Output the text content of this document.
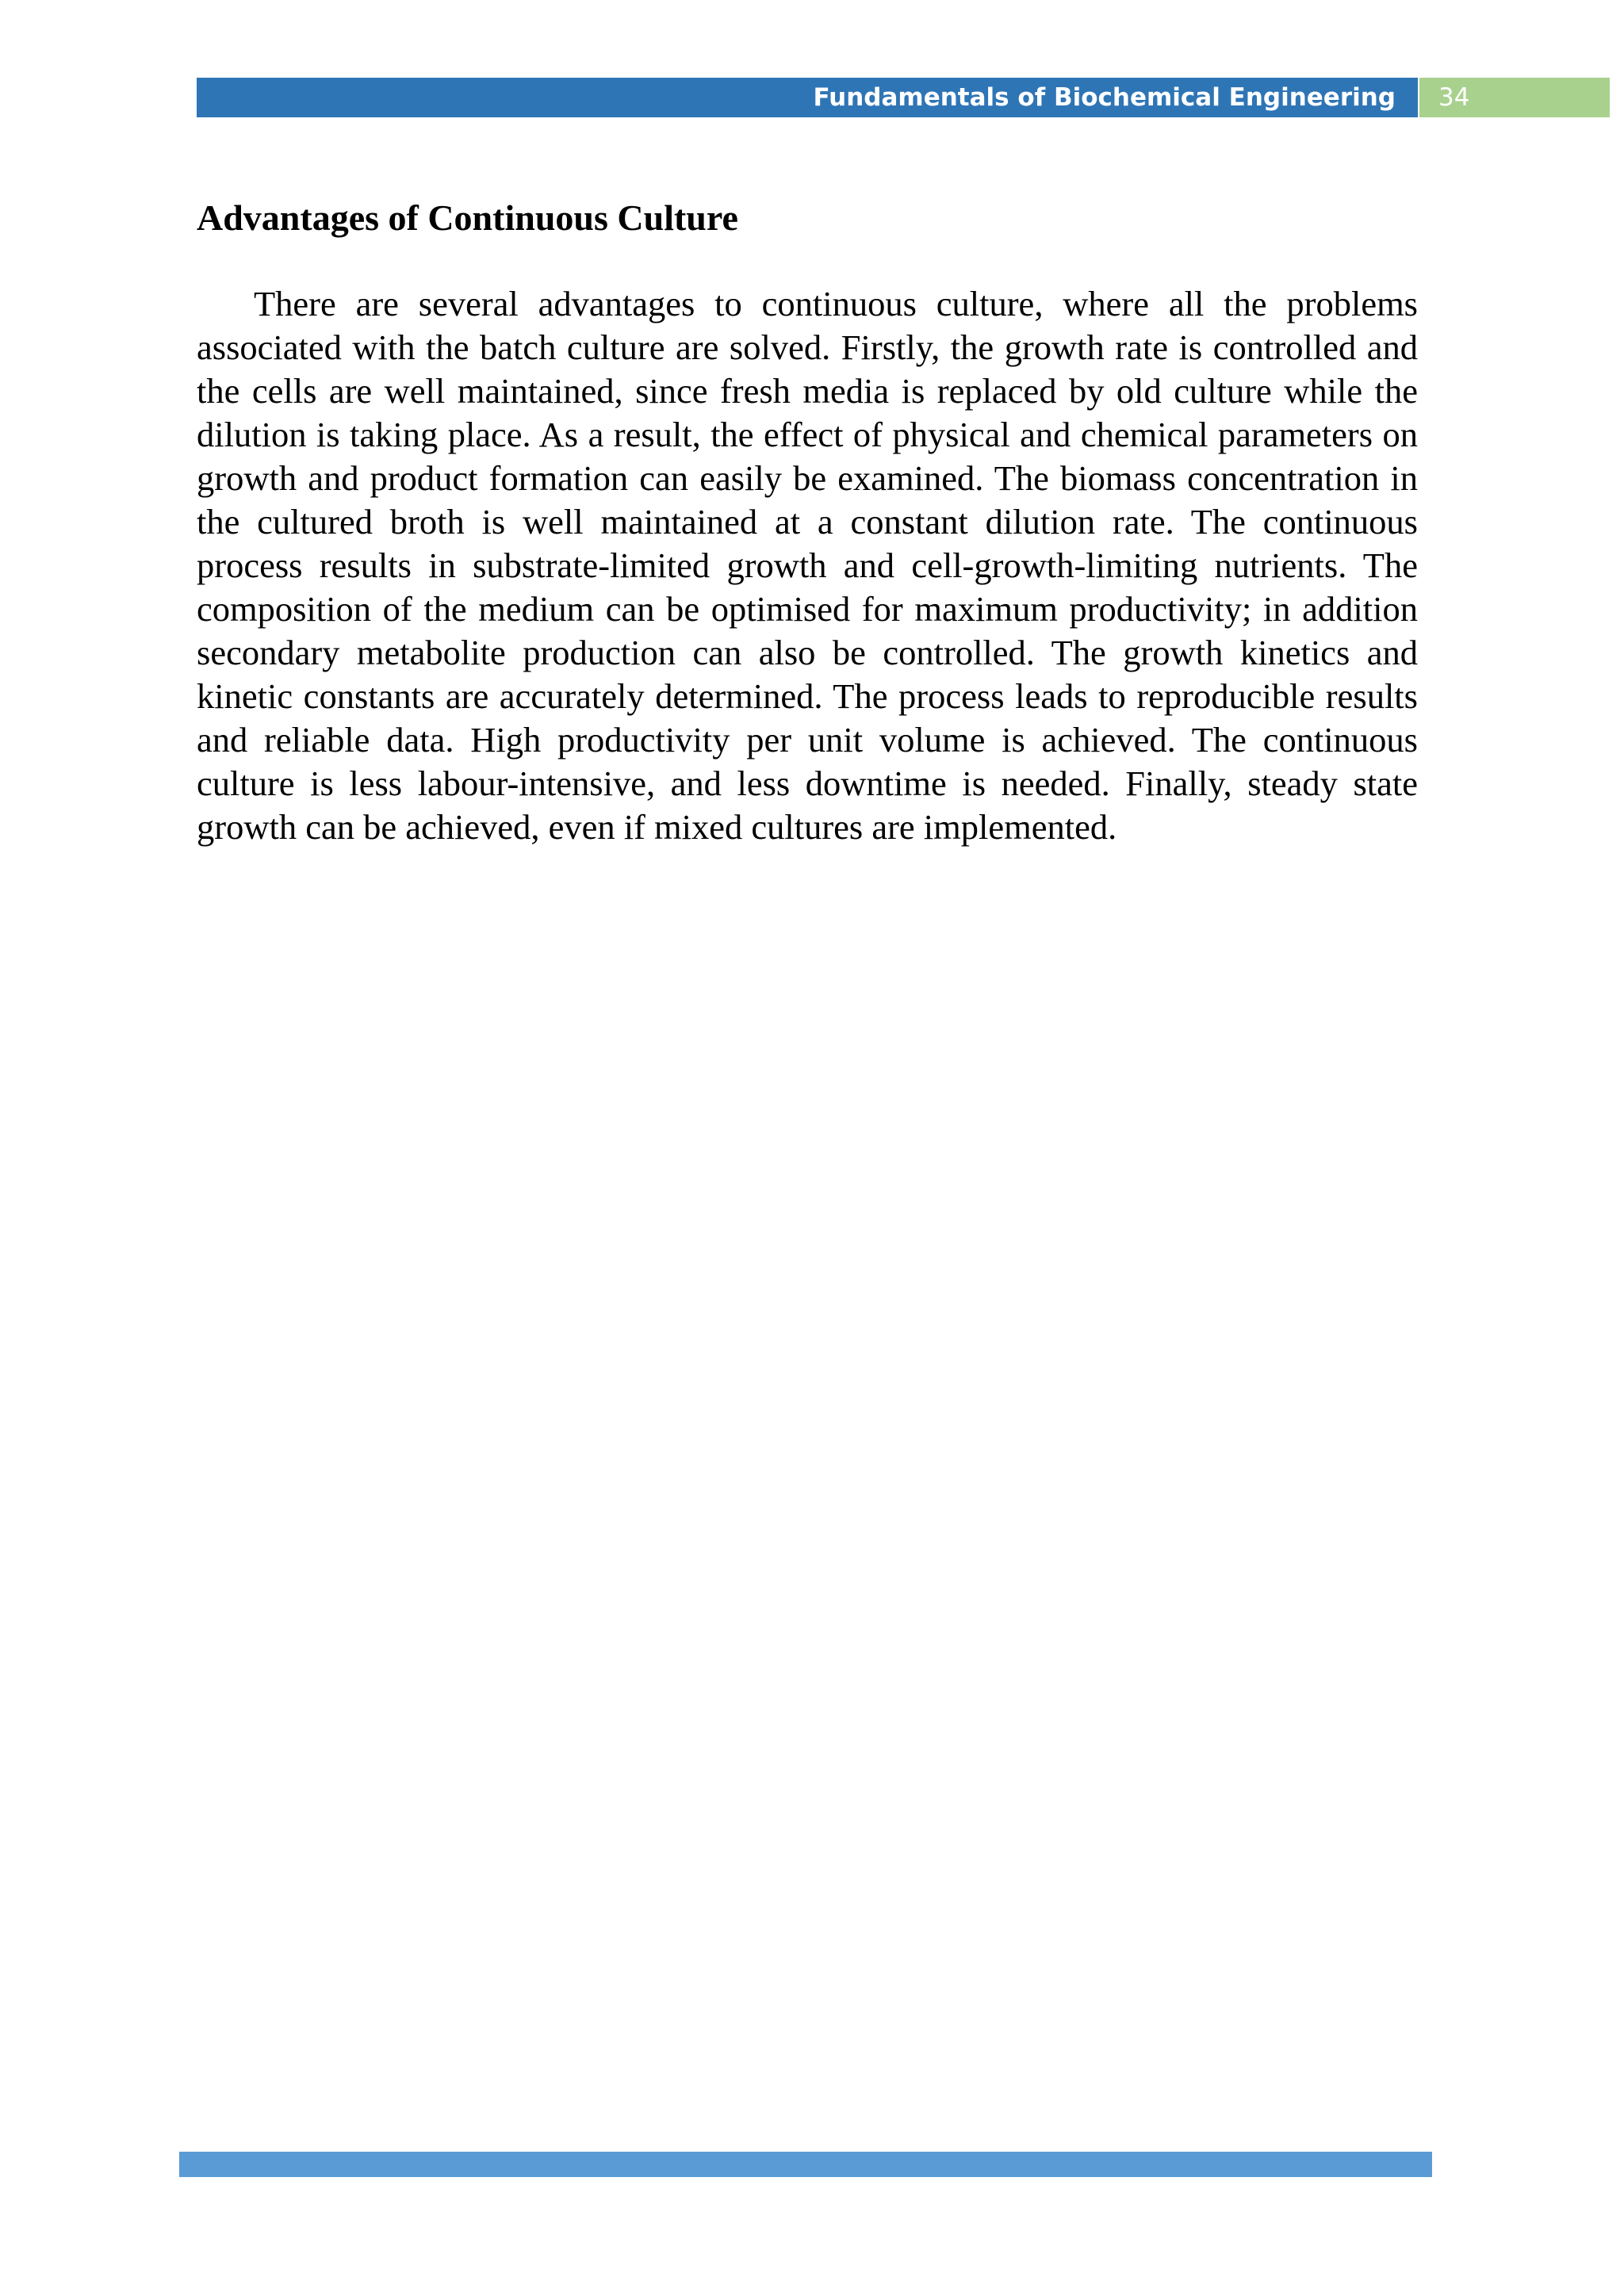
Fundamentals of Biochemical Engineering 34
Advantages of Continuous Culture

There are several advantages to continuous culture, where all the problems associated with the batch culture are solved. Firstly, the growth rate is controlled and the cells are well maintained, since fresh media is replaced by old culture while the dilution is taking place. As a result, the effect of physical and chemical parameters on growth and product formation can easily be examined. The biomass concentration in the cultured broth is well maintained at a constant dilution rate. The continuous process results in substrate-limited growth and cell-growth-limiting nutrients. The composition of the medium can be optimised for maximum productivity; in addition secondary metabolite production can also be controlled. The growth kinetics and kinetic constants are accurately determined. The process leads to reproducible results and reliable data. High productivity per unit volume is achieved. The continuous culture is less labour-intensive, and less downtime is needed. Finally, steady state growth can be achieved, even if mixed cultures are implemented.
